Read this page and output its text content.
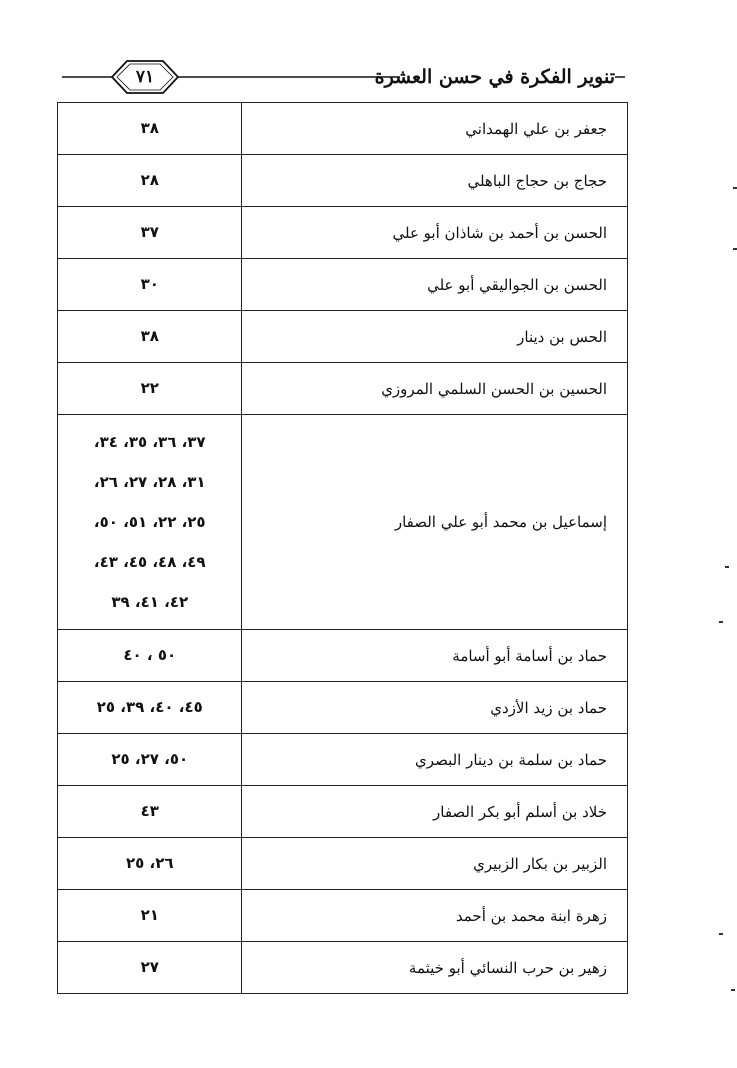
٧١	تنوير الفكرة في حسن العشرة
جعفر بن علي الهمداني	٣٨
حجاج بن حجاج الباهلي	٢٨
الحسن بن أحمد بن شاذان أبو علي	٣٧
الحسن بن الجواليقي أبو علي	٣٠
الحس بن دينار	٣٨
الحسين بن الحسن السلمي المروزي	٢٢
إسماعيل بن محمد أبو علي الصفار	٣٧، ٣٦، ٣٥، ٣٤،
٣١، ٢٨، ٢٧، ٢٦،
٢٥، ٢٢، ٥١، ٥٠،
٤٩، ٤٨، ٤٥، ٤٣،
٤٢، ٤١، ٣٩

حماد بن أسامة أبو أسامة	٥٠ ، ٤٠
حماد بن زيد الأزدي	٤٥، ٤٠، ٣٩، ٢٥
حماد بن سلمة بن دينار البصري	٥٠، ٢٧، ٢٥
خلاد بن أسلم أبو بكر الصفار	٤٣
الزبير بن بكار الزبيري	٢٦، ٢٥
زهرة ابنة محمد بن أحمد	٢١
زهير بن حرب النسائي أبو خيثمة	٢٧
